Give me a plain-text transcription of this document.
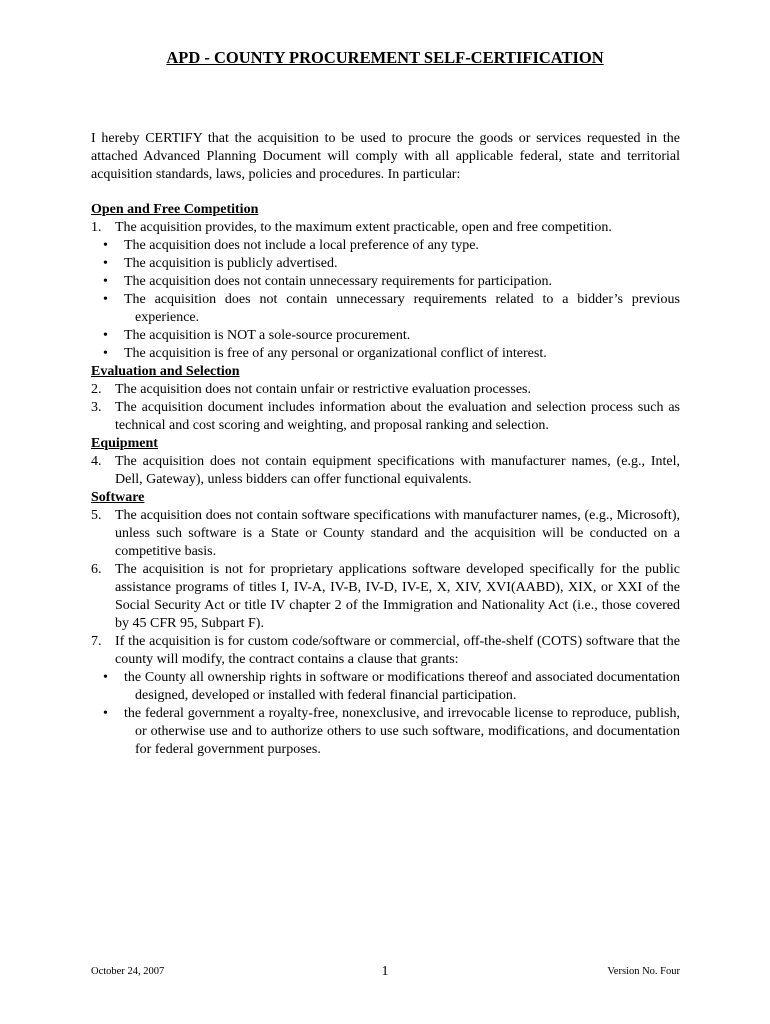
APD - COUNTY PROCUREMENT SELF-CERTIFICATION

I hereby CERTIFY that the acquisition to be used to procure the goods or services requested in the attached Advanced Planning Document will comply with all applicable federal, state and territorial acquisition standards, laws, policies and procedures. In particular:

Open and Free Competition

1. The acquisition provides, to the maximum extent practicable, open and free competition.

• The acquisition does not include a local preference of any type.

• The acquisition is publicly advertised.

• The acquisition does not contain unnecessary requirements for participation.

• The acquisition does not contain unnecessary requirements related to a bidder’s previous experience.

• The acquisition is NOT a sole-source procurement.

• The acquisition is free of any personal or organizational conflict of interest.

Evaluation and Selection

2. The acquisition does not contain unfair or restrictive evaluation processes.

3. The acquisition document includes information about the evaluation and selection process such as technical and cost scoring and weighting, and proposal ranking and selection.

Equipment

4. The acquisition does not contain equipment specifications with manufacturer names, (e.g., Intel, Dell, Gateway), unless bidders can offer functional equivalents.

Software

5. The acquisition does not contain software specifications with manufacturer names, (e.g., Microsoft), unless such software is a State or County standard and the acquisition will be conducted on a competitive basis.

6. The acquisition is not for proprietary applications software developed specifically for the public assistance programs of titles I, IV-A, IV-B, IV-D, IV-E, X, XIV, XVI(AABD), XIX, or XXI of the Social Security Act or title IV chapter 2 of the Immigration and Nationality Act (i.e., those covered by 45 CFR 95, Subpart F).

7. If the acquisition is for custom code/software or commercial, off-the-shelf (COTS) software that the county will modify, the contract contains a clause that grants:

• the County all ownership rights in software or modifications thereof and associated documentation designed, developed or installed with federal financial participation.

• the federal government a royalty-free, nonexclusive, and irrevocable license to reproduce, publish, or otherwise use and to authorize others to use such software, modifications, and documentation for federal government purposes.

October 24, 2007	1	Version No. Four
